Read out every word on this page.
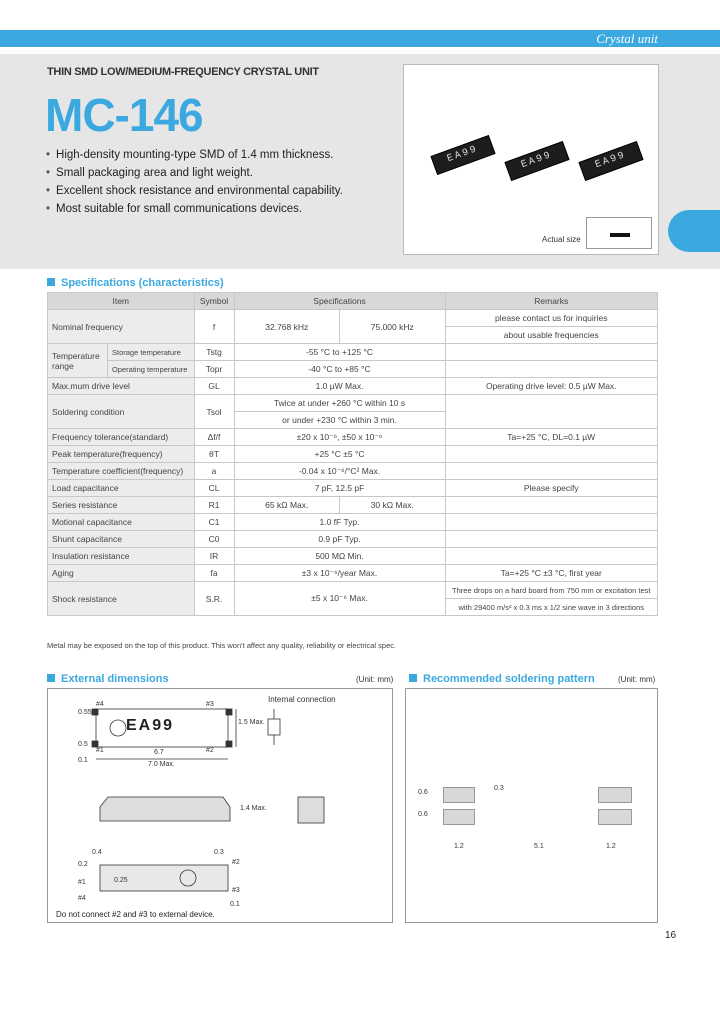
Crystal unit
THIN SMD LOW/MEDIUM-FREQUENCY CRYSTAL UNIT
MC-146
• High-density mounting-type SMD of 1.4 mm thickness.
• Small packaging area and light weight.
• Excellent shock resistance and environmental capability.
• Most suitable for small communications devices.
EA99	EA99	EA99
Actual size
Specifications (characteristics)
Item		Symbol	Specifications		Remarks
Nominal frequency		f	32.768 kHz	75.000 kHz	please contact us for inquiries
					about usable frequencies
Temperature range	Storage temperature	Tstg	-55 °C to +125 °C		
	Operating temperature	Topr	-40 °C to +85 °C		
Max.mum drive level		GL	1.0 µW Max.		Operating drive level: 0.5 µW Max.
Soldering condition		Tsol	Twice at under +260 °C within 10 s		
			or under +230 °C within 3 min.		
Frequency tolerance(standard)		Δf/f	±20 x 10⁻⁶, ±50 x 10⁻⁶		Ta=+25 °C, DL=0.1 µW
Peak temperature(frequency)		θT	+25 °C ±5 °C		
Temperature coefficient(frequency)		a	-0.04 x 10⁻⁶/°C² Max.		
Load capacitance		CL	7 pF, 12.5 pF		Please specify
Series resistance		R1	65 kΩ Max.	30 kΩ Max.	
Motional capacitance		C1	1.0 fF Typ.		
Shunt capacitance		C0	0.9 pF Typ.		
Insulation resistance		IR	500 MΩ Min.		
Aging		fa	±3 x 10⁻⁶/year Max.		Ta=+25 °C ±3 °C, first year
Shock resistance		S.R.	±5 x 10⁻⁶ Max.		Three drops on a hard board from 750 mm or excitation test
					with 29400 m/s² x 0.3 ms x 1/2 sine wave in 3 directions
Metal may be exposed on the top of this product. This won't affect any quality, reliability or electrical spec.
External dimensions	(Unit: mm)
Internal connection
EA99
#4	#3
#1	#2
6.7
7.0 Max.
0.1
0.5
0.55
1.5 Max.
1.4 Max.
0.4
0.2
0.3
0.25
0.1
#1
#4
#2
#3
Do not connect #2 and #3 to external device.
Recommended soldering pattern	(Unit: mm)
0.6
0.6
0.3
1.2	5.1	1.2
16
